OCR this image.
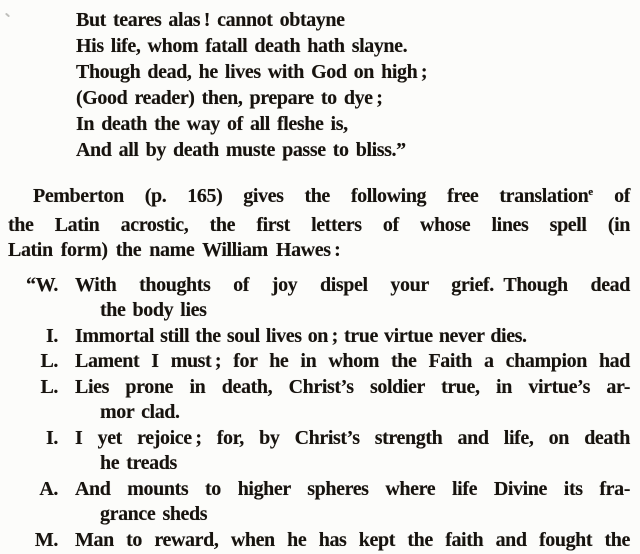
But teares alas ! cannot obtayne
His life, whom fatall death hath slayne.
Though dead, he lives with God on high ;
(Good reader) then, prepare to dye ;
In death the way of all fleshe is,
And all by death muste passe to bliss.”
Pemberton (p. 165) gives the following free translation$^e$ of
the Latin acrostic, the first letters of whose lines spell (in
Latin form) the name William Hawes :
“W. With thoughts of joy dispel your grief. Though dead
the body lies
I. Immortal still the soul lives on ; true virtue never dies.
L. Lament I must ; for he in whom the Faith a champion had
L. Lies prone in death, Christ’s soldier true, in virtue’s ar-
mor clad.
I. I yet rejoice ; for, by Christ’s strength and life, on death
he treads
A. And mounts to higher spheres where life Divine its fra-
grance sheds
M. Man to reward, when he has kept the faith and fought the
